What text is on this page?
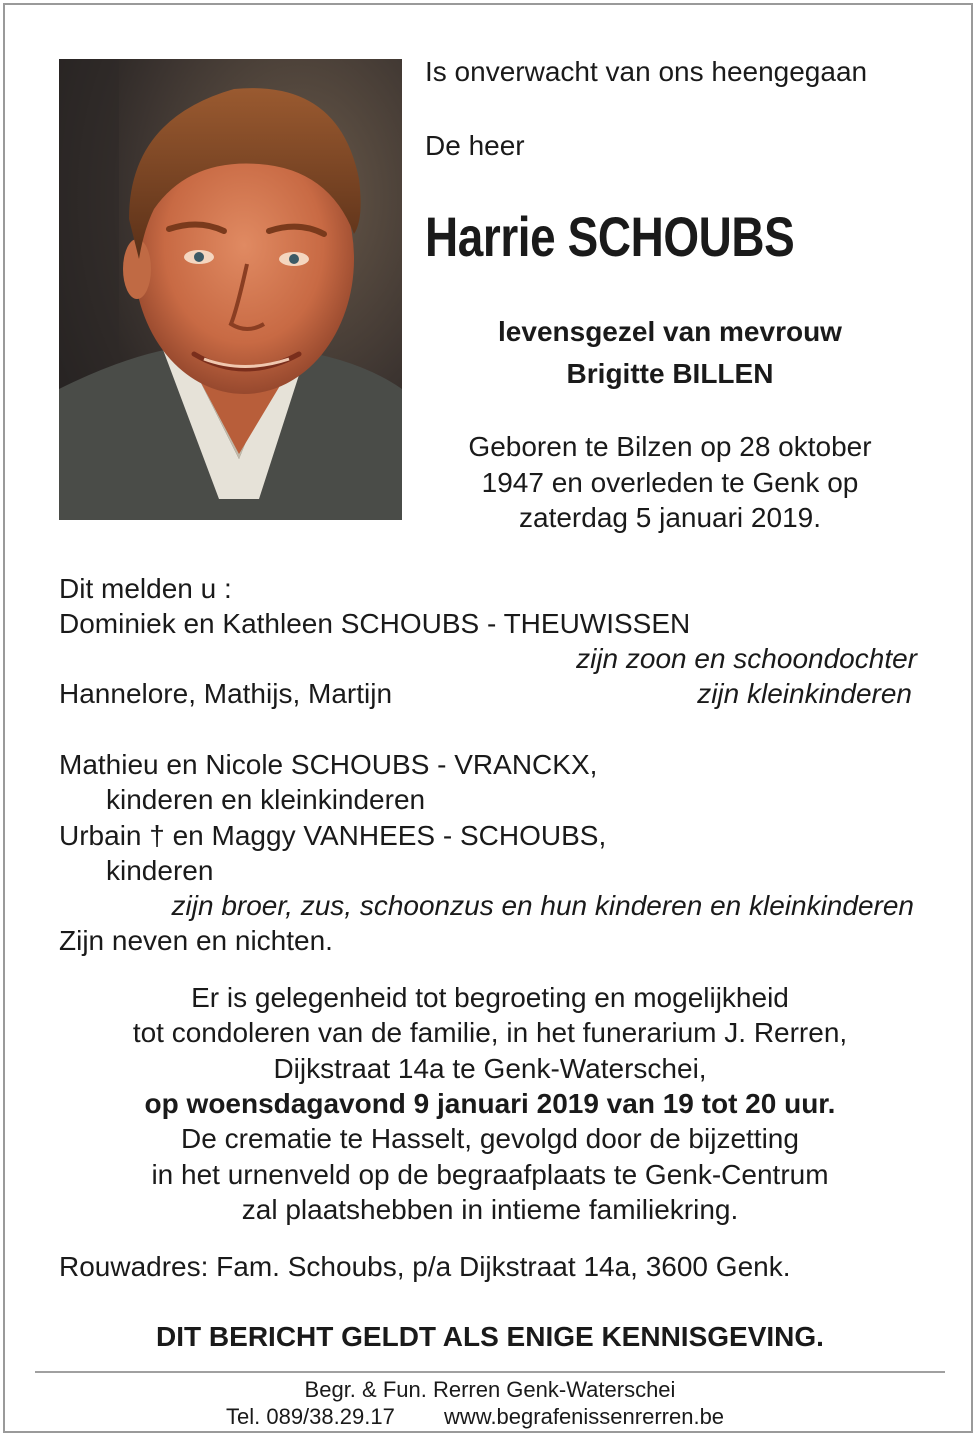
Is onverwacht van ons heengegaan
De heer
Harrie SCHOUBS
levensgezel van mevrouw
Brigitte BILLEN
Geboren te Bilzen op 28 oktober
1947 en overleden te Genk op
zaterdag 5 januari 2019.
Dit melden u :
Dominiek en Kathleen SCHOUBS - THEUWISSEN
zijn zoon en schoondochter
Hannelore, Mathijs, Martijn	zijn kleinkinderen
Mathieu en Nicole SCHOUBS - VRANCKX,
kinderen en kleinkinderen
Urbain † en Maggy VANHEES - SCHOUBS,
kinderen
zijn broer, zus, schoonzus en hun kinderen en kleinkinderen
Zijn neven en nichten.
Er is gelegenheid tot begroeting en mogelijkheid
tot condoleren van de familie, in het funerarium J. Rerren,
Dijkstraat 14a te Genk-Waterschei,
op woensdagavond 9 januari 2019 van 19 tot 20 uur.
De crematie te Hasselt, gevolgd door de bijzetting
in het urnenveld op de begraafplaats te Genk-Centrum
zal plaatshebben in intieme familiekring.
Rouwadres: Fam. Schoubs, p/a Dijkstraat 14a, 3600 Genk.
DIT BERICHT GELDT ALS ENIGE KENNISGEVING.
Begr. & Fun. Rerren Genk-Waterschei
Tel. 089/38.29.17 www.begrafenissenrerren.be
